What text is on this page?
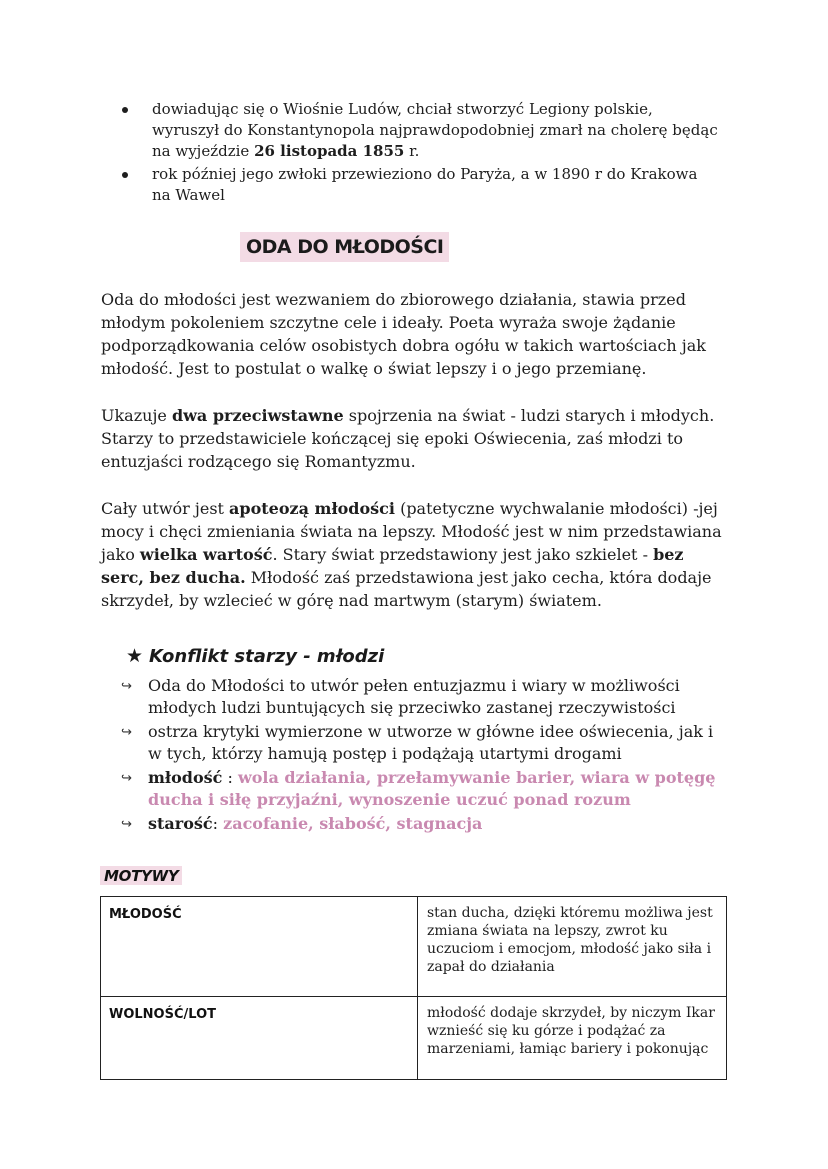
dowiadując się o Wiośnie Ludów, chciał stworzyć Legiony polskie, wyruszył do Konstantynopola najprawdopodobniej zmarł na cholerę będąc na wyjeździe 26 listopada 1855 r.
rok później jego zwłoki przewieziono do Paryża, a w 1890 r do Krakowa na Wawel
ODA DO MŁODOŚCI

Oda do młodości jest wezwaniem do zbiorowego działania, stawia przed młodym pokoleniem szczytne cele i ideały. Poeta wyraża swoje żądanie podporządkowania celów osobistych dobra ogółu w takich wartościach jak młodość. Jest to postulat o walkę o świat lepszy i o jego przemianę.

Ukazuje dwa przeciwstawne spojrzenia na świat - ludzi starych i młodych. Starzy to przedstawiciele kończącej się epoki Oświecenia, zaś młodzi to entuzjaści rodzącego się Romantyzmu.

Cały utwór jest apoteozą młodości (patetyczne wychwalanie młodości) -jej mocy i chęci zmieniania świata na lepszy. Młodość jest w nim przedstawiana jako wielka wartość. Stary świat przedstawiony jest jako szkielet - bez serc, bez ducha. Młodość zaś przedstawiona jest jako cecha, która dodaje skrzydeł, by wzlecieć w górę nad martwym (starym) światem.

★ Konflikt starzy - młodzi
↪ Oda do Młodości to utwór pełen entuzjazmu i wiary w możliwości młodych ludzi buntujących się przeciwko zastanej rzeczywistości
↪ ostrza krytyki wymierzone w utworze w główne idee oświecenia, jak i w tych, którzy hamują postęp i podążają utartymi drogami
↪ młodość : wola działania, przełamywanie barier, wiara w potęgę ducha i siłę przyjaźni, wynoszenie uczuć ponad rozum
↪ starość: zacofanie, słabość, stagnacja
MOTYWY
MŁODOŚĆ	stan ducha, dzięki któremu możliwa jest zmiana świata na lepszy, zwrot ku uczuciom i emocjom, młodość jako siła i zapał do działania
WOLNOŚĆ/LOT	młodość dodaje skrzydeł, by niczym Ikar wznieść się ku górze i podążać za marzeniami, łamiąc bariery i pokonując
